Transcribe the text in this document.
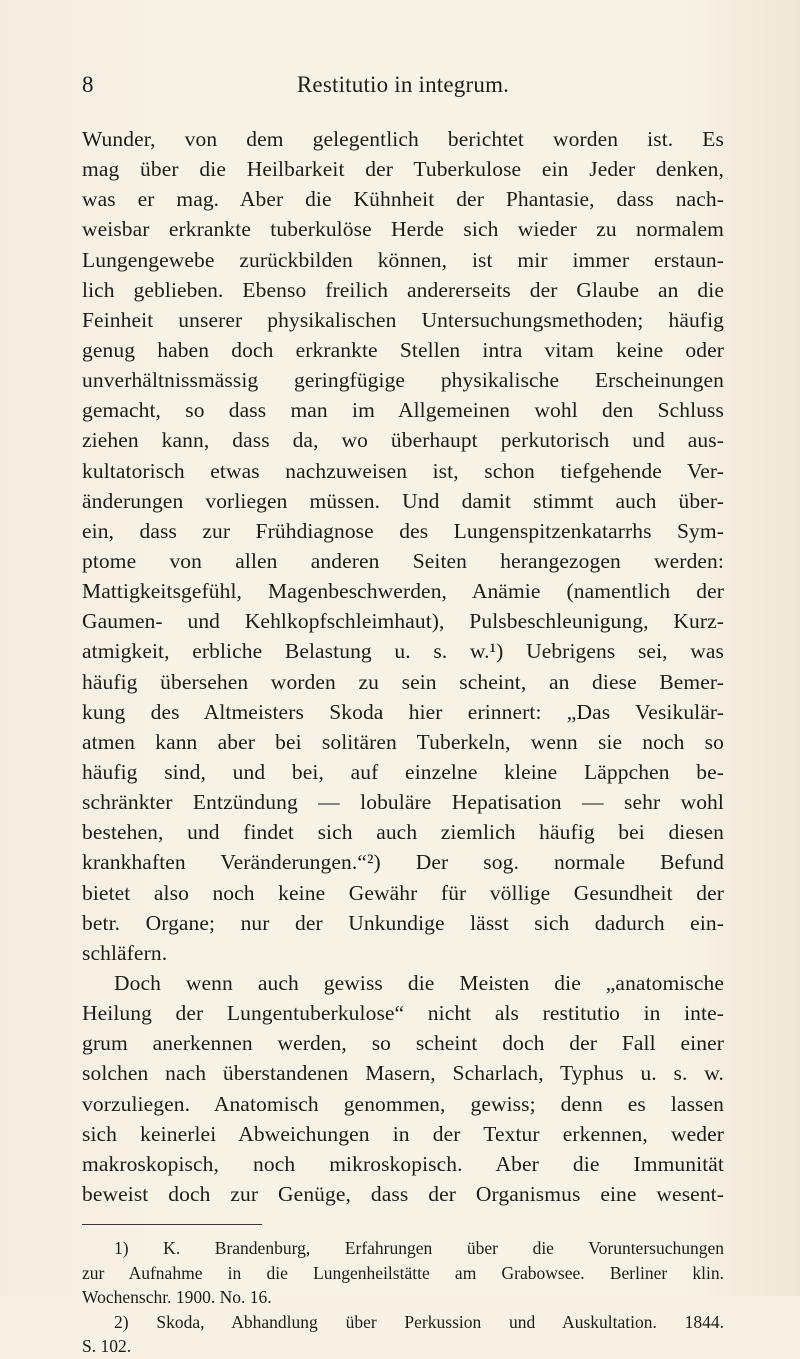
8	Restitutio in integrum.
Wunder, von dem gelegentlich berichtet worden ist. Es
mag über die Heilbarkeit der Tuberkulose ein Jeder denken,
was er mag. Aber die Kühnheit der Phantasie, dass nach-
weisbar erkrankte tuberkulöse Herde sich wieder zu normalem
Lungengewebe zurückbilden können, ist mir immer erstaun-
lich geblieben. Ebenso freilich andererseits der Glaube an die
Feinheit unserer physikalischen Untersuchungsmethoden; häufig
genug haben doch erkrankte Stellen intra vitam keine oder
unverhältnissmässig geringfügige physikalische Erscheinungen
gemacht, so dass man im Allgemeinen wohl den Schluss
ziehen kann, dass da, wo überhaupt perkutorisch und aus-
kultatorisch etwas nachzuweisen ist, schon tiefgehende Ver-
änderungen vorliegen müssen. Und damit stimmt auch über-
ein, dass zur Frühdiagnose des Lungenspitzenkatarrhs Sym-
ptome von allen anderen Seiten herangezogen werden:
Mattigkeitsgefühl, Magenbeschwerden, Anämie (namentlich der
Gaumen- und Kehlkopfschleimhaut), Pulsbeschleunigung, Kurz-
atmigkeit, erbliche Belastung u. s. w.¹) Uebrigens sei, was
häufig übersehen worden zu sein scheint, an diese Bemer-
kung des Altmeisters Skoda hier erinnert: „Das Vesikulär-
atmen kann aber bei solitären Tuberkeln, wenn sie noch so
häufig sind, und bei, auf einzelne kleine Läppchen be-
schränkter Entzündung — lobuläre Hepatisation — sehr wohl
bestehen, und findet sich auch ziemlich häufig bei diesen
krankhaften Veränderungen.“²) Der sog. normale Befund
bietet also noch keine Gewähr für völlige Gesundheit der
betr. Organe; nur der Unkundige lässt sich dadurch ein-
schläfern.
Doch wenn auch gewiss die Meisten die „anatomische
Heilung der Lungentuberkulose“ nicht als restitutio in inte-
grum anerkennen werden, so scheint doch der Fall einer
solchen nach überstandenen Masern, Scharlach, Typhus u. s. w.
vorzuliegen. Anatomisch genommen, gewiss; denn es lassen
sich keinerlei Abweichungen in der Textur erkennen, weder
makroskopisch, noch mikroskopisch. Aber die Immunität
beweist doch zur Genüge, dass der Organismus eine wesent-
1) K. Brandenburg, Erfahrungen über die Voruntersuchungen
zur Aufnahme in die Lungenheilstätte am Grabowsee. Berliner klin.
Wochenschr. 1900. No. 16.
2) Skoda, Abhandlung über Perkussion und Auskultation. 1844.
S. 102.
